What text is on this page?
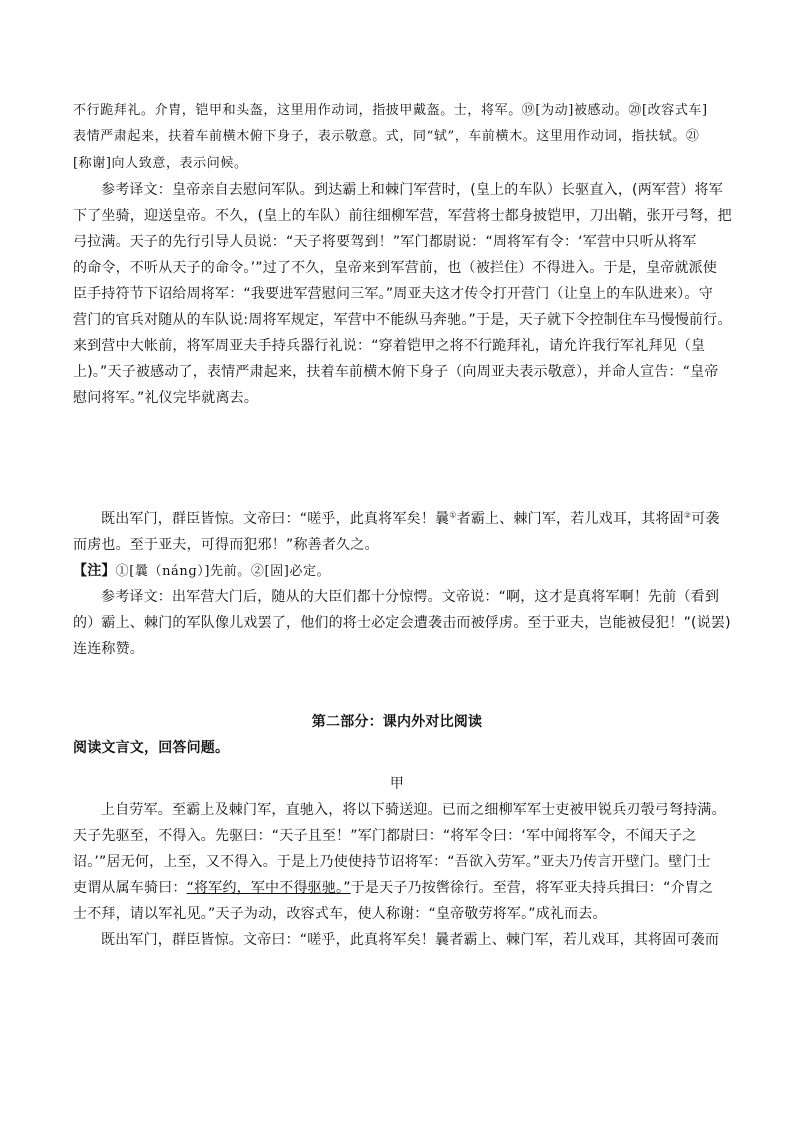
不行跪拜礼。介胄，铠甲和头盔，这里用作动词，指披甲戴盔。士，将军。⑲[为动]被感动。⑳[改容式车]
表情严肃起来，扶着车前横木俯下身子，表示敬意。式，同“轼”，车前横木。这里用作动词，指扶轼。㉑
[称谢]向人致意，表示问候。
参考译文：皇帝亲自去慰问军队。到达霸上和棘门军营时，(皇上的车队）长驱直入，(两军营）将军
下了坐骑，迎送皇帝。不久，(皇上的车队）前往细柳军营，军营将士都身披铠甲，刀出鞘，张开弓弩，把
弓拉满。天子的先行引导人员说：“天子将要驾到！”军门都尉说：“周将军有令：‘军营中只听从将军
的命令，不听从天子的命令。’”过了不久，皇帝来到军营前，也（被拦住）不得进入。于是，皇帝就派使
臣手持符节下诏给周将军：“我要进军营慰问三军。”周亚夫这才传令打开营门（让皇上的车队进来）。守
营门的官兵对随从的车队说:周将军规定，军营中不能纵马奔驰。”于是，天子就下令控制住车马慢慢前行。
来到营中大帐前，将军周亚夫手持兵器行礼说：“穿着铠甲之将不行跪拜礼，请允许我行军礼拜见（皇
上)。”天子被感动了，表情严肃起来，扶着车前横木俯下身子（向周亚夫表示敬意），并命人宣告：“皇帝
慰问将军。”礼仪完毕就离去。
既出军门，群臣皆惊。文帝曰：“嗟乎，此真将军矣！曩①者霸上、棘门军，若儿戏耳，其将固②可袭
而虏也。至于亚夫，可得而犯邪！”称善者久之。
【注】①[曩（nánɡ）]先前。②[固]必定。
参考译文：出军营大门后，随从的大臣们都十分惊愕。文帝说：“啊，这才是真将军啊！先前（看到
的）霸上、棘门的军队像儿戏罢了，他们的将士必定会遭袭击而被俘虏。至于亚夫，岂能被侵犯！”(说罢)
连连称赞。
第二部分：课内外对比阅读
阅读文言文，回答问题。
甲
上自劳军。至霸上及棘门军，直驰入，将以下骑送迎。已而之细柳军军士吏被甲锐兵刃彀弓弩持满。
天子先驱至，不得入。先驱曰：“天子且至！”军门都尉曰：“将军令曰：‘军中闻将军令，不闻天子之
诏。’”居无何，上至，又不得入。于是上乃使使持节诏将军：“吾欲入劳军。”亚夫乃传言开壁门。壁门士
吏谓从属车骑曰：“将军约，军中不得驱驰。”于是天子乃按辔徐行。至营，将军亚夫持兵揖曰：“介胄之
士不拜，请以军礼见。”天子为动，改容式车，使人称谢：“皇帝敬劳将军。”成礼而去。
既出军门，群臣皆惊。文帝曰：“嗟乎，此真将军矣！曩者霸上、棘门军，若儿戏耳，其将固可袭而
